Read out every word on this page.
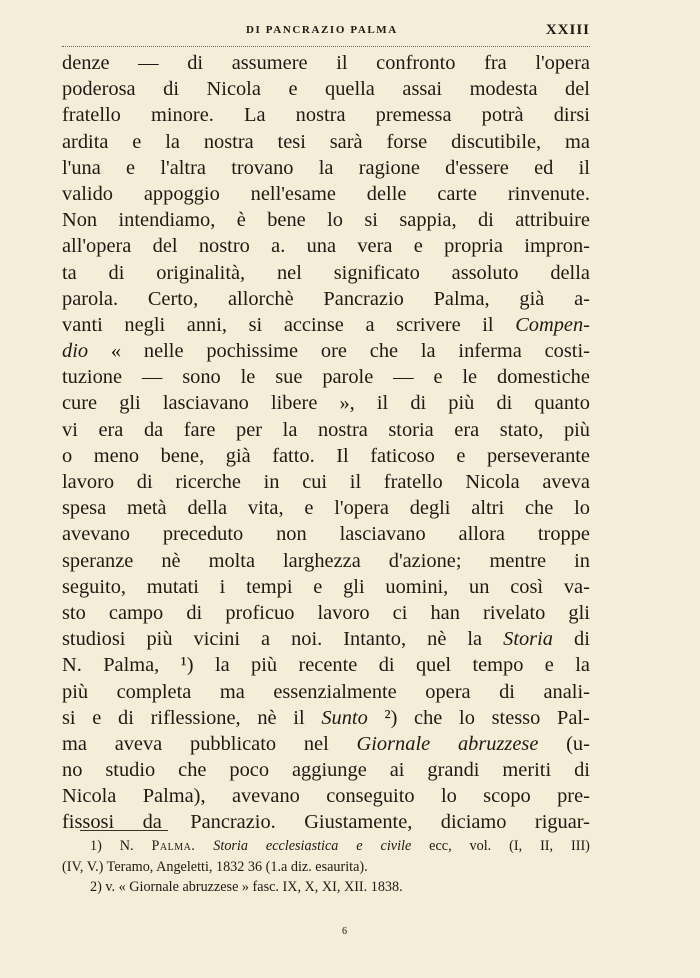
DI PANCRAZIO PALMA	XXIII
denze — di assumere il confronto fra l'opera
poderosa di Nicola e quella assai modesta del
fratello minore. La nostra premessa potrà dirsi
ardita e la nostra tesi sarà forse discutibile, ma
l'una e l'altra trovano la ragione d'essere ed il
valido appoggio nell'esame delle carte rinvenute.
Non intendiamo, è bene lo si sappia, di attribuire
all'opera del nostro a. una vera e propria impron-
ta di originalità, nel significato assoluto della
parola. Certo, allorchè Pancrazio Palma, già a-
vanti negli anni, si accinse a scrivere il Compen-
dio « nelle pochissime ore che la inferma costi-
tuzione — sono le sue parole — e le domestiche
cure gli lasciavano libere », il di più di quanto
vi era da fare per la nostra storia era stato, più
o meno bene, già fatto. Il faticoso e perseverante
lavoro di ricerche in cui il fratello Nicola aveva
spesa metà della vita, e l'opera degli altri che lo
avevano preceduto non lasciavano allora troppe
speranze nè molta larghezza d'azione; mentre in
seguito, mutati i tempi e gli uomini, un così va-
sto campo di proficuo lavoro ci han rivelato gli
studiosi più vicini a noi. Intanto, nè la Storia di
N. Palma, ¹) la più recente di quel tempo e la
più completa ma essenzialmente opera di anali-
si e di riflessione, nè il Sunto ²) che lo stesso Pal-
ma aveva pubblicato nel Giornale abruzzese (u-
no studio che poco aggiunge ai grandi meriti di
Nicola Palma), avevano conseguito lo scopo pre-
fissosi da Pancrazio. Giustamente, diciamo riguar-
1) N. Palma. Storia ecclesiastica e civile ecc, vol. (I, II, III)
(IV, V.) Teramo, Angeletti, 1832 36 (1.a diz. esaurita).
2) v. « Giornale abruzzese » fasc. IX, X, XI, XII. 1838.
6
